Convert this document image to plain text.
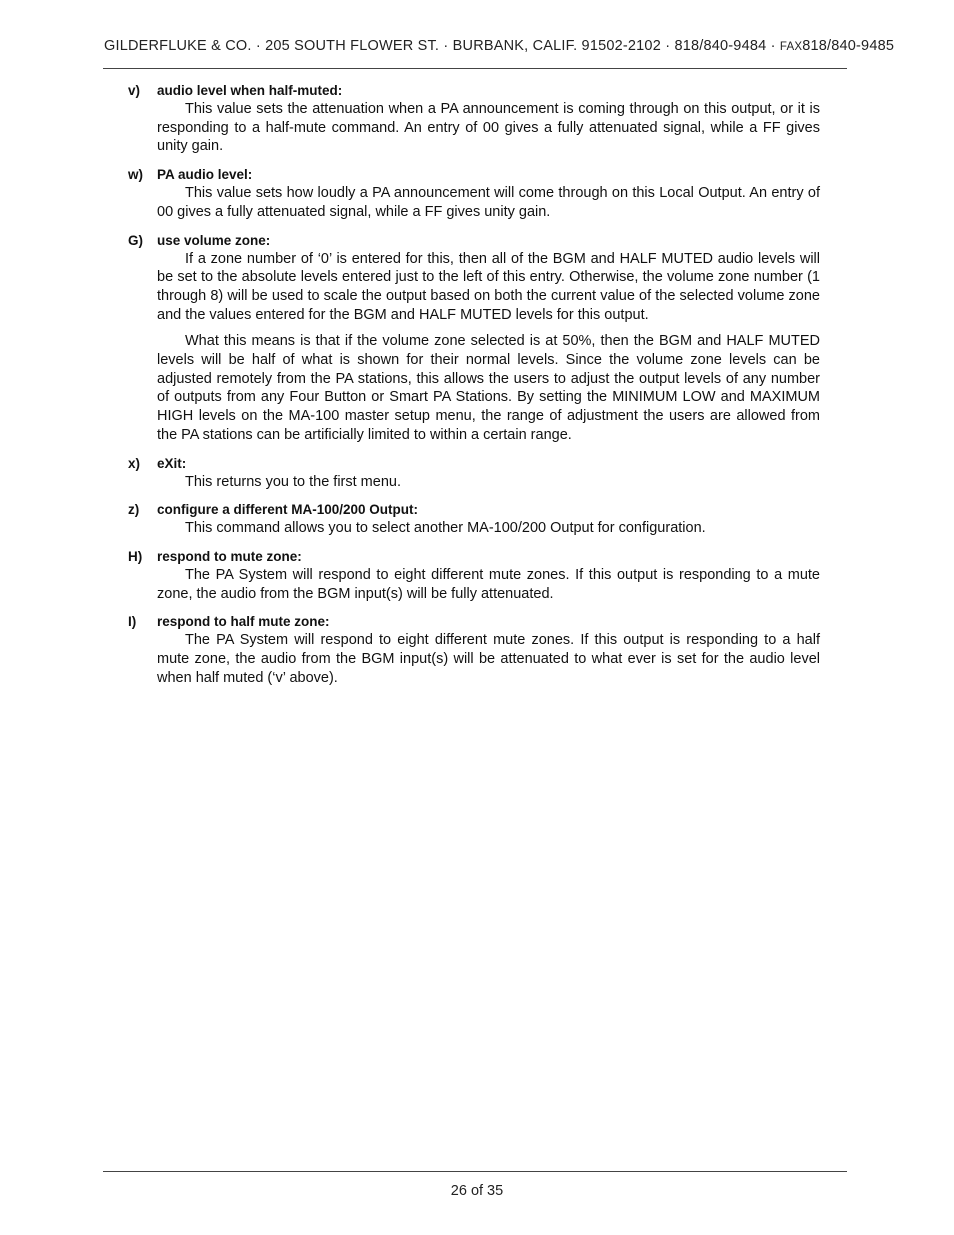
GILDERFLUKE & CO. · 205 SOUTH FLOWER ST. · BURBANK, CALIF. 91502-2102 · 818/840-9484 · FAX818/840-9485
v)	audio level when half-muted:

This value sets the attenuation when a PA announcement is coming through on this output, or it is responding to a half-mute command. An entry of 00 gives a fully attenuated signal, while a FF gives unity gain.

w)	PA audio level:

This value sets how loudly a PA announcement will come through on this Local Output. An entry of 00 gives a fully attenuated signal, while a FF gives unity gain.

G)	use volume zone:

If a zone number of ‘0’ is entered for this, then all of the BGM and HALF MUTED audio levels will be set to the absolute levels entered just to the left of this entry. Otherwise, the volume zone number (1 through 8) will be used to scale the output based on both the current value of the selected volume zone and the values entered for the BGM and HALF MUTED levels for this output.

What this means is that if the volume zone selected is at 50%, then the BGM and HALF MUTED levels will be half of what is shown for their normal levels. Since the volume zone levels can be adjusted remotely from the PA stations, this allows the users to adjust the output levels of any number of outputs from any Four Button or Smart PA Stations. By setting the MINIMUM LOW and MAXIMUM HIGH levels on the MA-100 master setup menu, the range of adjustment the users are allowed from the PA stations can be artificially limited to within a certain range.

x)	eXit:

This returns you to the first menu.

z)	configure a different MA-100/200 Output:

This command allows you to select another MA-100/200 Output for configuration.

H)	respond to mute zone:

The PA System will respond to eight different mute zones. If this output is responding to a mute zone, the audio from the BGM input(s) will be fully attenuated.

I)	respond to half mute zone:

The PA System will respond to eight different mute zones. If this output is responding to a half mute zone, the audio from the BGM input(s) will be attenuated to what ever is set for the audio level when half muted (‘v’ above).

26 of 35
